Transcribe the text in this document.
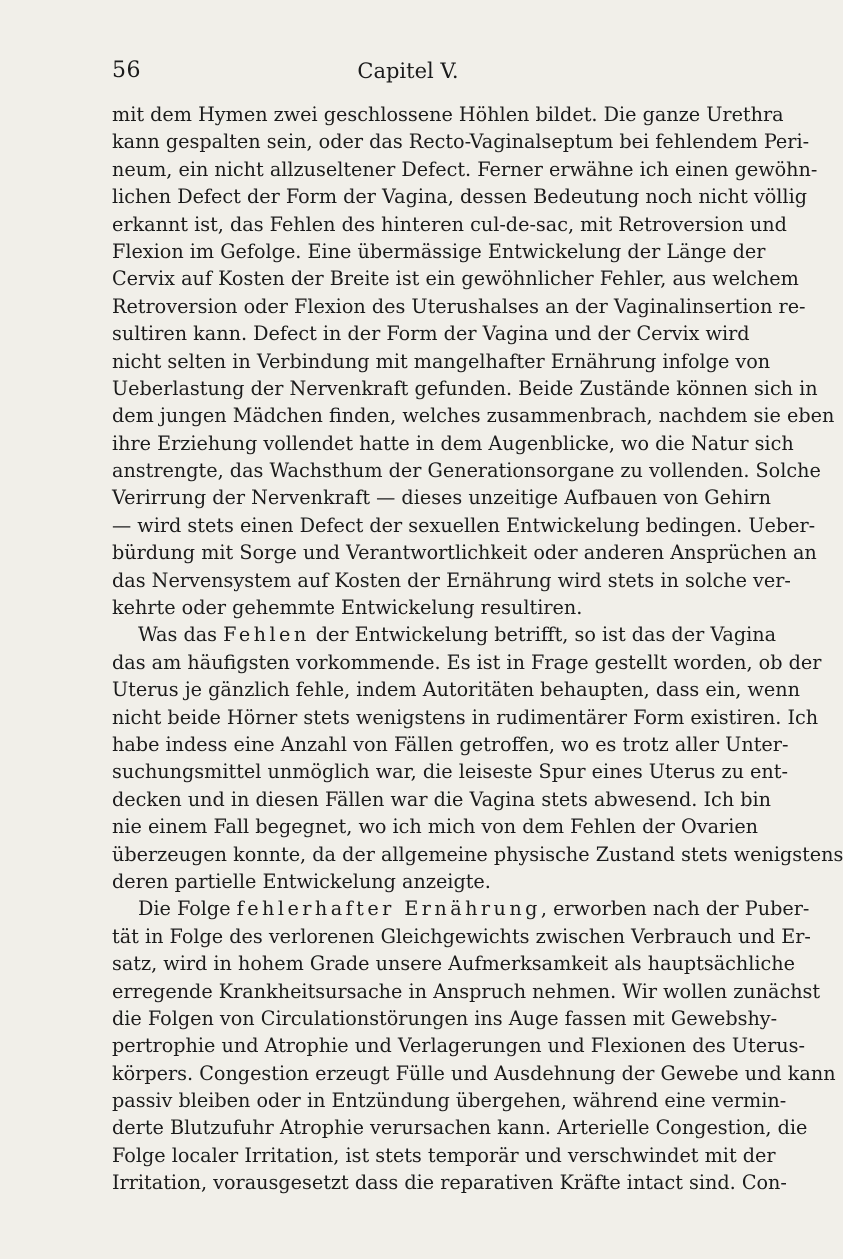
56	Capitel V.
mit dem Hymen zwei geschlossene Höhlen bildet. Die ganze Urethra
kann gespalten sein, oder das Recto-Vaginalseptum bei fehlendem Peri-
neum, ein nicht allzuseltener Defect. Ferner erwähne ich einen gewöhn-
lichen Defect der Form der Vagina, dessen Bedeutung noch nicht völlig
erkannt ist, das Fehlen des hinteren cul-de-sac, mit Retroversion und
Flexion im Gefolge. Eine übermässige Entwickelung der Länge der
Cervix auf Kosten der Breite ist ein gewöhnlicher Fehler, aus welchem
Retroversion oder Flexion des Uterushalses an der Vaginalinsertion re-
sultiren kann. Defect in der Form der Vagina und der Cervix wird
nicht selten in Verbindung mit mangelhafter Ernährung infolge von
Ueberlastung der Nervenkraft gefunden. Beide Zustände können sich in
dem jungen Mädchen finden, welches zusammenbrach, nachdem sie eben
ihre Erziehung vollendet hatte in dem Augenblicke, wo die Natur sich
anstrengte, das Wachsthum der Generationsorgane zu vollenden. Solche
Verirrung der Nervenkraft — dieses unzeitige Aufbauen von Gehirn
— wird stets einen Defect der sexuellen Entwickelung bedingen. Ueber-
bürdung mit Sorge und Verantwortlichkeit oder anderen Ansprüchen an
das Nervensystem auf Kosten der Ernährung wird stets in solche ver-
kehrte oder gehemmte Entwickelung resultiren.
Was das Fehlen der Entwickelung betrifft, so ist das der Vagina
das am häufigsten vorkommende. Es ist in Frage gestellt worden, ob der
Uterus je gänzlich fehle, indem Autoritäten behaupten, dass ein, wenn
nicht beide Hörner stets wenigstens in rudimentärer Form existiren. Ich
habe indess eine Anzahl von Fällen getroffen, wo es trotz aller Unter-
suchungsmittel unmöglich war, die leiseste Spur eines Uterus zu ent-
decken und in diesen Fällen war die Vagina stets abwesend. Ich bin
nie einem Fall begegnet, wo ich mich von dem Fehlen der Ovarien
überzeugen konnte, da der allgemeine physische Zustand stets wenigstens
deren partielle Entwickelung anzeigte.
Die Folge fehlerhafter Ernährung, erworben nach der Puber-
tät in Folge des verlorenen Gleichgewichts zwischen Verbrauch und Er-
satz, wird in hohem Grade unsere Aufmerksamkeit als hauptsächliche
erregende Krankheitsursache in Anspruch nehmen. Wir wollen zunächst
die Folgen von Circulationstörungen ins Auge fassen mit Gewebshy-
pertrophie und Atrophie und Verlagerungen und Flexionen des Uterus-
körpers. Congestion erzeugt Fülle und Ausdehnung der Gewebe und kann
passiv bleiben oder in Entzündung übergehen, während eine vermin-
derte Blutzufuhr Atrophie verursachen kann. Arterielle Congestion, die
Folge localer Irritation, ist stets temporär und verschwindet mit der
Irritation, vorausgesetzt dass die reparativen Kräfte intact sind. Con-
